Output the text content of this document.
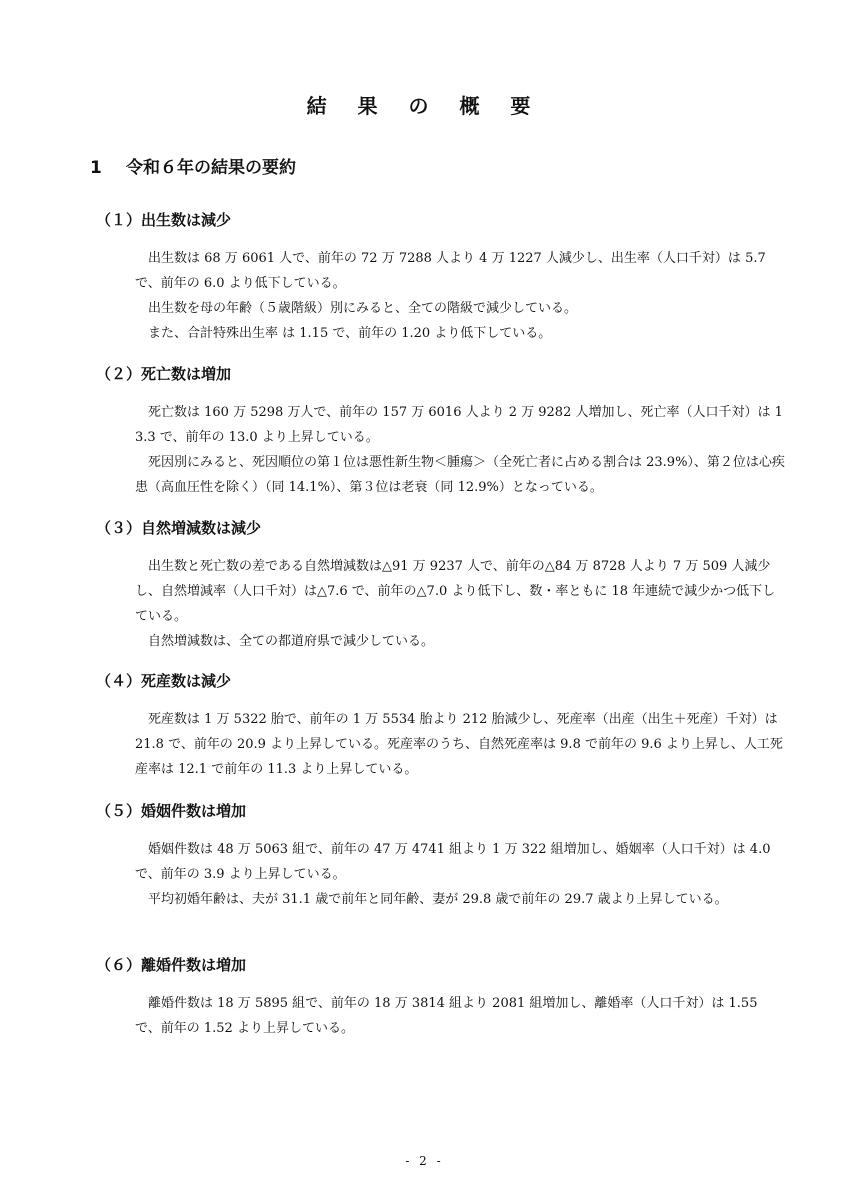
結 果 の 概 要
1 令和６年の結果の要約
（１）出生数は減少

出生数は 68 万 6061 人で、前年の 72 万 7288 人より 4 万 1227 人減少し、出生率（人口千対）は 5.7 で、前年の 6.0 より低下している。

出生数を母の年齢（５歳階級）別にみると、全ての階級で減少している。

また、合計特殊出生率 は 1.15 で、前年の 1.20 より低下している。

（２）死亡数は増加

死亡数は 160 万 5298 万人で、前年の 157 万 6016 人より 2 万 9282 人増加し、死亡率（人口千対）は 13.3 で、前年の 13.0 より上昇している。

死因別にみると、死因順位の第１位は悪性新生物＜腫瘍＞（全死亡者に占める割合は 23.9%）、第２位は心疾患（高血圧性を除く）（同 14.1%）、第３位は老衰（同 12.9%）となっている。

（３）自然増減数は減少

出生数と死亡数の差である自然増減数は△91 万 9237 人で、前年の△84 万 8728 人より 7 万 509 人減少し、自然増減率（人口千対）は△7.6 で、前年の△7.0 より低下し、数・率ともに 18 年連続で減少かつ低下している。

自然増減数は、全ての都道府県で減少している。

（４）死産数は減少

死産数は 1 万 5322 胎で、前年の 1 万 5534 胎より 212 胎減少し、死産率（出産（出生＋死産）千対）は 21.8 で、前年の 20.9 より上昇している。死産率のうち、自然死産率は 9.8 で前年の 9.6 より上昇し、人工死産率は 12.1 で前年の 11.3 より上昇している。

（５）婚姻件数は増加

婚姻件数は 48 万 5063 組で、前年の 47 万 4741 組より 1 万 322 組増加し、婚姻率（人口千対）は 4.0 で、前年の 3.9 より上昇している。

平均初婚年齢は、夫が 31.1 歳で前年と同年齢、妻が 29.8 歳で前年の 29.7 歳より上昇している。

（６）離婚件数は増加

離婚件数は 18 万 5895 組で、前年の 18 万 3814 組より 2081 組増加し、離婚率（人口千対）は 1.55 で、前年の 1.52 より上昇している。

- 2 -
